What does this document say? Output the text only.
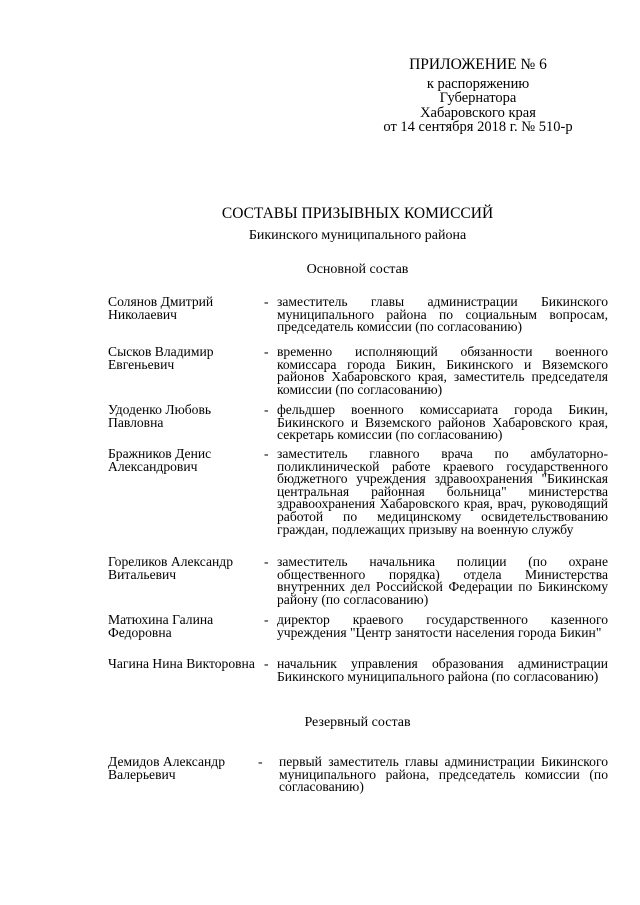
ПРИЛОЖЕНИЕ № 6
к распоряжению
Губернатора
Хабаровского края
от 14 сентября 2018 г. № 510-р
СОСТАВЫ ПРИЗЫВНЫХ КОМИССИЙ
Бикинского муниципального района
Основной состав
Солянов Дмитрий Николаевич
- заместитель главы администрации Бикинского муниципального района по социальным вопросам, председатель комиссии (по согласованию)
Сысков Владимир Евгеньевич
- временно исполняющий обязанности военного комиссара города Бикин, Бикинского и Вяземского районов Хабаровского края, заместитель председателя комиссии (по согласованию)
Удоденко Любовь Павловна
- фельдшер военного комиссариата города Бикин, Бикинского и Вяземского районов Хабаровского края, секретарь комиссии (по согласованию)
Бражников Денис Александрович
- заместитель главного врача по амбулаторно-поликлинической работе краевого государственного бюджетного учреждения здравоохранения "Бикинская центральная районная больница" министерства здравоохранения Хабаровского края, врач, руководящий работой по медицинскому освидетельствованию граждан, подлежащих призыву на военную службу
Гореликов Александр Витальевич
- заместитель начальника полиции (по охране общественного порядка) отдела Министерства внутренних дел Российской Федерации по Бикинскому району (по согласованию)
Матюхина Галина Федоровна
- директор краевого государственного казенного учреждения "Центр занятости населения города Бикин"
Чагина Нина Викторовна - начальник управления образования администрации Бикинского муниципального района (по согласованию)
Резервный состав
Демидов Александр Валерьевич
- первый заместитель главы администрации Бикинского муниципального района, председатель комиссии (по согласованию)
